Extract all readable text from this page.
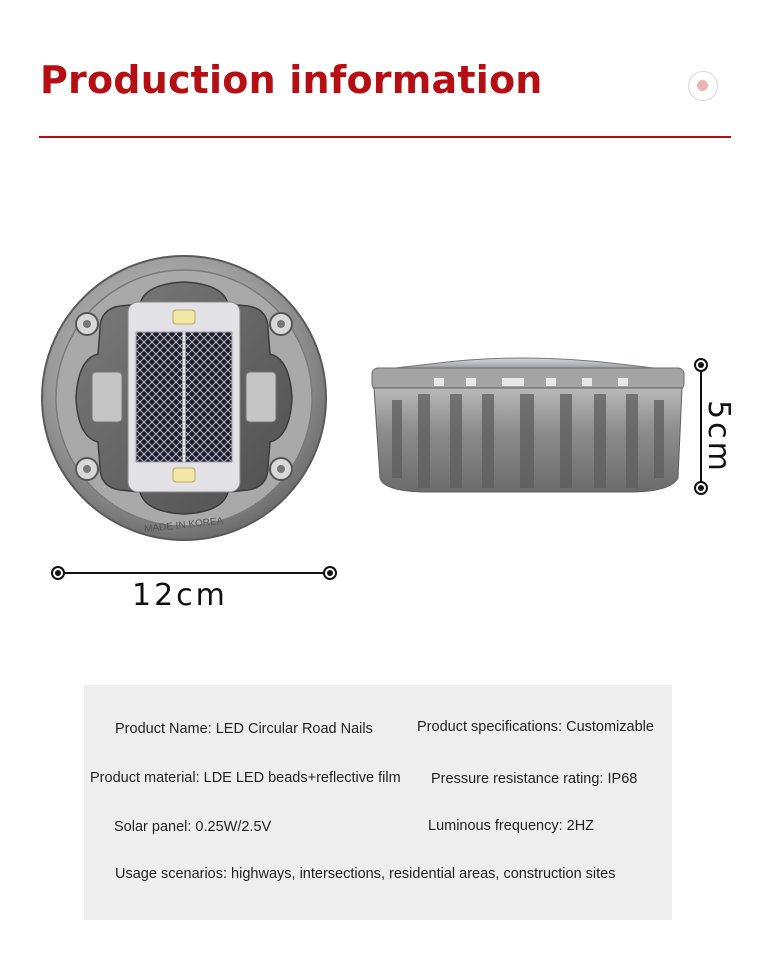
Production information
MADE IN KOREA
12cm
5cm
Product Name: LED Circular Road Nails	Product specifications: Customizable
Product material: LDE LED beads+reflective film Pressure resistance rating: IP68
Solar panel: 0.25W/2.5V	Luminous frequency: 2HZ
Usage scenarios: highways, intersections, residential areas, construction sites
